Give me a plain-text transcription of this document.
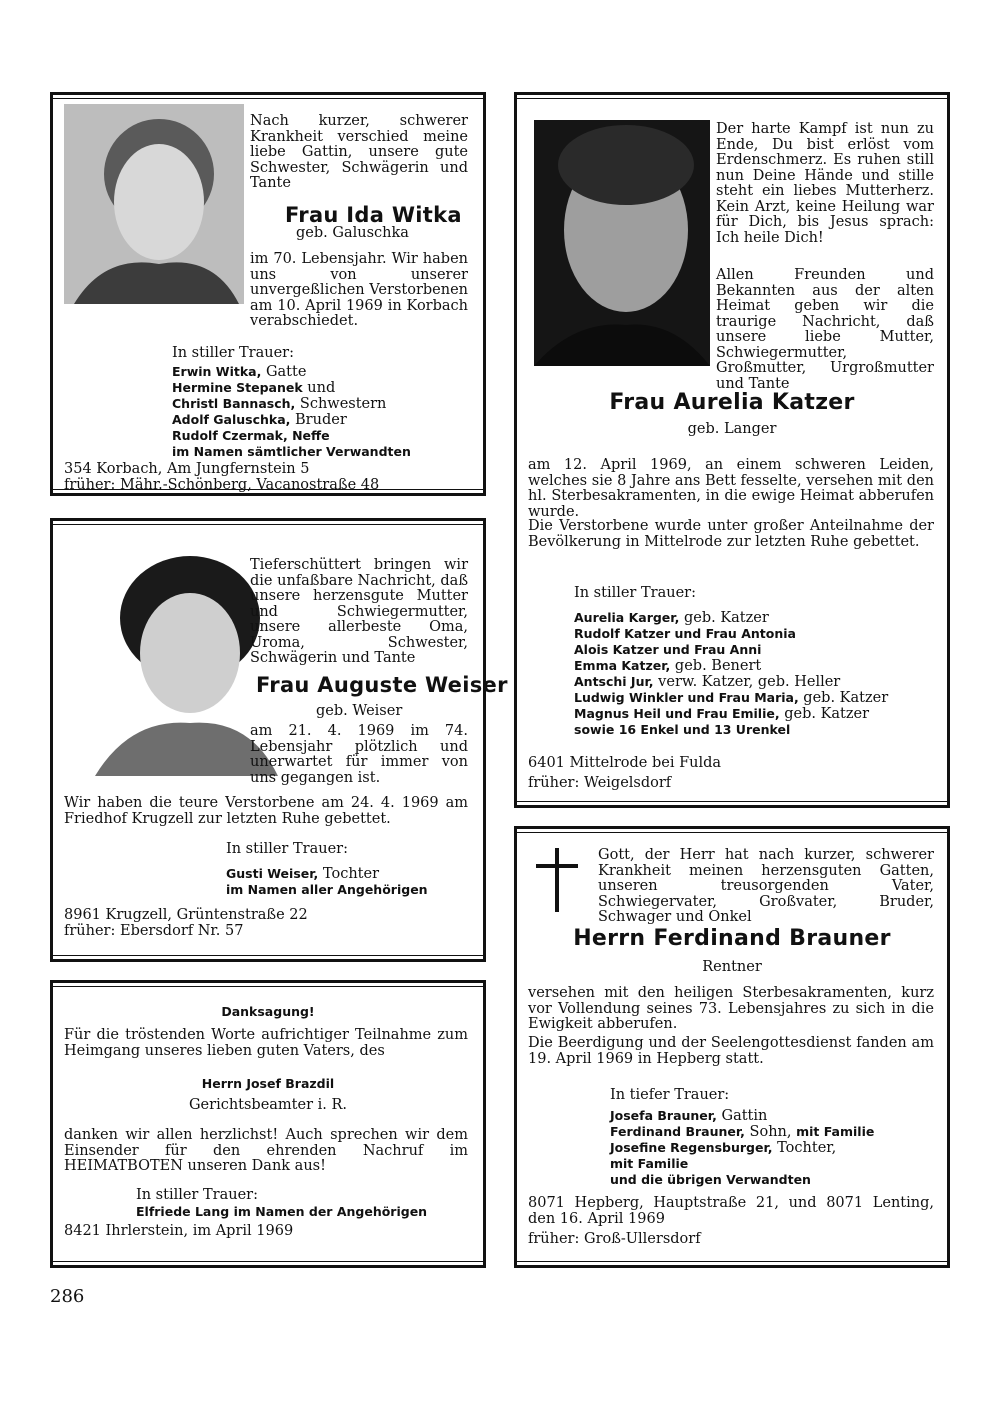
Nach kurzer, schwerer Krankheit verschied meine liebe Gattin, unsere gute Schwester, Schwägerin und Tante
Frau Ida Witka
geb. Galuschka
im 70. Lebensjahr. Wir haben uns von unserer unvergeßlichen Verstorbenen am 10. April 1969 in Korbach verabschiedet.
In stiller Trauer:
Erwin Witka, Gatte
Hermine Stepanek und
Christl Bannasch, Schwestern
Adolf Galuschka, Bruder
Rudolf Czermak, Neffe
im Namen sämtlicher Verwandten
354 Korbach, Am Jungfernstein 5
früher: Mähr.-Schönberg, Vacanostraße 48
Tieferschüttert bringen wir die unfaßbare Nachricht, daß unsere herzensgute Mutter und Schwiegermutter, unsere allerbeste Oma, Uroma, Schwester, Schwägerin und Tante
Frau Auguste Weiser
geb. Weiser
am 21. 4. 1969 im 74. Lebensjahr plötzlich und unerwartet für immer von uns gegangen ist.
Wir haben die teure Verstorbene am 24. 4. 1969 am Friedhof Krugzell zur letzten Ruhe gebettet.
In stiller Trauer:
Gusti Weiser, Tochter
im Namen aller Angehörigen
8961 Krugzell, Grüntenstraße 22
früher: Ebersdorf Nr. 57
Danksagung!
Für die tröstenden Worte aufrichtiger Teilnahme zum Heimgang unseres lieben guten Vaters, des
Herrn Josef Brazdil
Gerichtsbeamter i. R.
danken wir allen herzlichst! Auch sprechen wir dem Einsender für den ehrenden Nachruf im HEIMATBOTEN unseren Dank aus!
In stiller Trauer:
Elfriede Lang im Namen der Angehörigen
8421 Ihrlerstein, im April 1969
Der harte Kampf ist nun zu Ende, Du bist erlöst vom Erdenschmerz. Es ruhen still nun Deine Hände und stille steht ein liebes Mutterherz. Kein Arzt, keine Heilung war für Dich, bis Jesus sprach: Ich heile Dich!
Allen Freunden und Bekannten aus der alten Heimat geben wir die traurige Nachricht, daß unsere liebe Mutter, Schwiegermutter, Großmutter, Urgroßmutter und Tante
Frau Aurelia Katzer
geb. Langer
am 12. April 1969, an einem schweren Leiden, welches sie 8 Jahre ans Bett fesselte, versehen mit den hl. Sterbesakramenten, in die ewige Heimat abberufen wurde.
Die Verstorbene wurde unter großer Anteilnahme der Bevölkerung in Mittelrode zur letzten Ruhe gebettet.
In stiller Trauer:
Aurelia Karger, geb. Katzer
Rudolf Katzer und Frau Antonia
Alois Katzer und Frau Anni
Emma Katzer, geb. Benert
Antschi Jur, verw. Katzer, geb. Heller
Ludwig Winkler und Frau Maria, geb. Katzer
Magnus Heil und Frau Emilie, geb. Katzer
sowie 16 Enkel und 13 Urenkel
6401 Mittelrode bei Fulda
früher: Weigelsdorf
Gott, der Herr hat nach kurzer, schwerer Krankheit meinen herzensguten Gatten, unseren treusorgenden Vater, Schwiegervater, Großvater, Bruder, Schwager und Onkel
Herrn Ferdinand Brauner
Rentner
versehen mit den heiligen Sterbesakramenten, kurz vor Vollendung seines 73. Lebensjahres zu sich in die Ewigkeit abberufen.
Die Beerdigung und der Seelengottesdienst fanden am 19. April 1969 in Hepberg statt.
In tiefer Trauer:
Josefa Brauner, Gattin
Ferdinand Brauner, Sohn, mit Familie
Josefine Regensburger, Tochter,
mit Familie
und die übrigen Verwandten
8071 Hepberg, Hauptstraße 21, und 8071 Lenting, den 16. April 1969
früher: Groß-Ullersdorf
286
